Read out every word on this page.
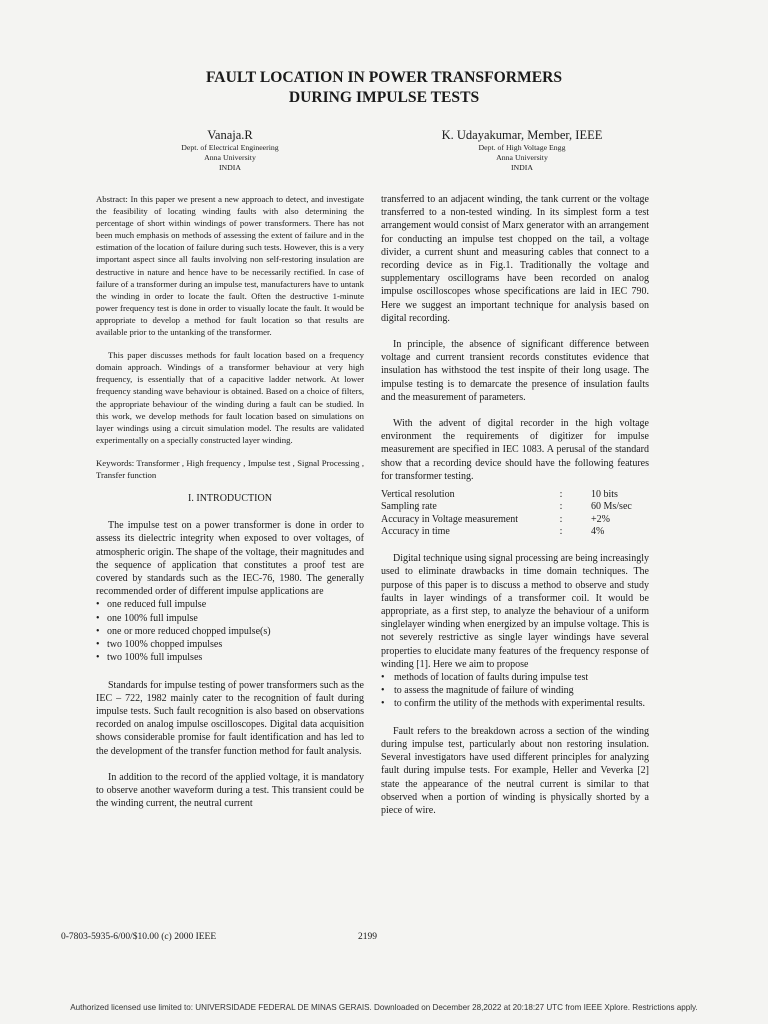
FAULT LOCATION IN POWER TRANSFORMERS
DURING IMPULSE TESTS
Vanaja.R
Dept. of Electrical Engineering
Anna University
INDIA
K. Udayakumar, Member, IEEE
Dept. of High Voltage Engg
Anna University
INDIA

Abstract: In this paper we present a new approach to detect, and investigate the feasibility of locating winding faults with also determining the percentage of short within windings of power transformers. There has not been much emphasis on methods of assessing the extent of failure and in the estimation of the location of failure during such tests. However, this is a very important aspect since all faults involving non self-restoring insulation are destructive in nature and hence have to be necessarily rectified. In case of failure of a transformer during an impulse test, manufacturers have to untank the winding in order to locate the fault. Often the destructive 1-minute power frequency test is done in order to visually locate the fault. It would be appropriate to develop a method for fault location so that results are available prior to the untanking of the transformer.

This paper discusses methods for fault location based on a frequency domain approach. Windings of a transformer behaviour at very high frequency, is essentially that of a capacitive ladder network. At lower frequency standing wave behaviour is obtained. Based on a choice of filters, the appropriate behaviour of the winding during a fault can be studied. In this work, we develop methods for fault location based on simulations on layer windings using a circuit simulation model. The results are validated experimentally on a specially constructed layer winding.

Keywords: Transformer , High frequency , Impulse test , Signal Processing , Transfer function

I. INTRODUCTION

The impulse test on a power transformer is done in order to assess its dielectric integrity when exposed to over voltages, of atmospheric origin. The shape of the voltage, their magnitudes and the sequence of application that constitutes a proof test are covered by standards such as the IEC-76, 1980. The generally recommended order of different impulse applications are

• one reduced full impulse
• one 100% full impulse
• one or more reduced chopped impulse(s)
• two 100% chopped impulses
• two 100% full impulses

Standards for impulse testing of power transformers such as the IEC – 722, 1982 mainly cater to the recognition of fault during impulse tests. Such fault recognition is also based on observations recorded on analog impulse oscilloscopes. Digital data acquisition shows considerable promise for fault identification and has led to the development of the transfer function method for fault analysis.

In addition to the record of the applied voltage, it is mandatory to observe another waveform during a test. This transient could be the winding current, the neutral current

transferred to an adjacent winding, the tank current or the voltage transferred to a non-tested winding. In its simplest form a test arrangement would consist of Marx generator with an arrangement for conducting an impulse test chopped on the tail, a voltage divider, a current shunt and measuring cables that connect to a recording device as in Fig.1. Traditionally the voltage and supplementary oscillograms have been recorded on analog impulse oscilloscopes whose specifications are laid in IEC 790. Here we suggest an important technique for analysis based on digital recording.

In principle, the absence of significant difference between voltage and current transient records constitutes evidence that insulation has withstood the test inspite of their long usage. The impulse testing is to demarcate the presence of insulation faults and the measurement of parameters.

With the advent of digital recorder in the high voltage environment the requirements of digitizer for impulse measurement are specified in IEC 1083. A perusal of the standard show that a recording device should have the following features for transformer testing.

Vertical resolution	:	10 bits
Sampling rate	:	60 Ms/sec
Accuracy in Voltage measurement	:	+2%
Accuracy in time	:	4%

Digital technique using signal processing are being increasingly used to eliminate drawbacks in time domain techniques. The purpose of this paper is to discuss a method to observe and study faults in layer windings of a transformer coil. It would be appropriate, as a first step, to analyze the behaviour of a uniform singlelayer winding when energized by an impulse voltage. This is not severely restrictive as single layer windings have several properties to elucidate many features of the frequency response of winding [1]. Here we aim to propose

• methods of location of faults during impulse test
• to assess the magnitude of failure of winding
• to confirm the utility of the methods with experimental results.

Fault refers to the breakdown across a section of the winding during impulse test, particularly about non restoring insulation. Several investigators have used different principles for analyzing fault during impulse tests. For example, Heller and Veverka [2] state the appearance of the neutral current is similar to that observed when a portion of winding is physically shorted by a piece of wire.

0-7803-5935-6/00/$10.00 (c) 2000 IEEE	2199
Authorized licensed use limited to: UNIVERSIDADE FEDERAL DE MINAS GERAIS. Downloaded on December 28,2022 at 20:18:27 UTC from IEEE Xplore. Restrictions apply.
